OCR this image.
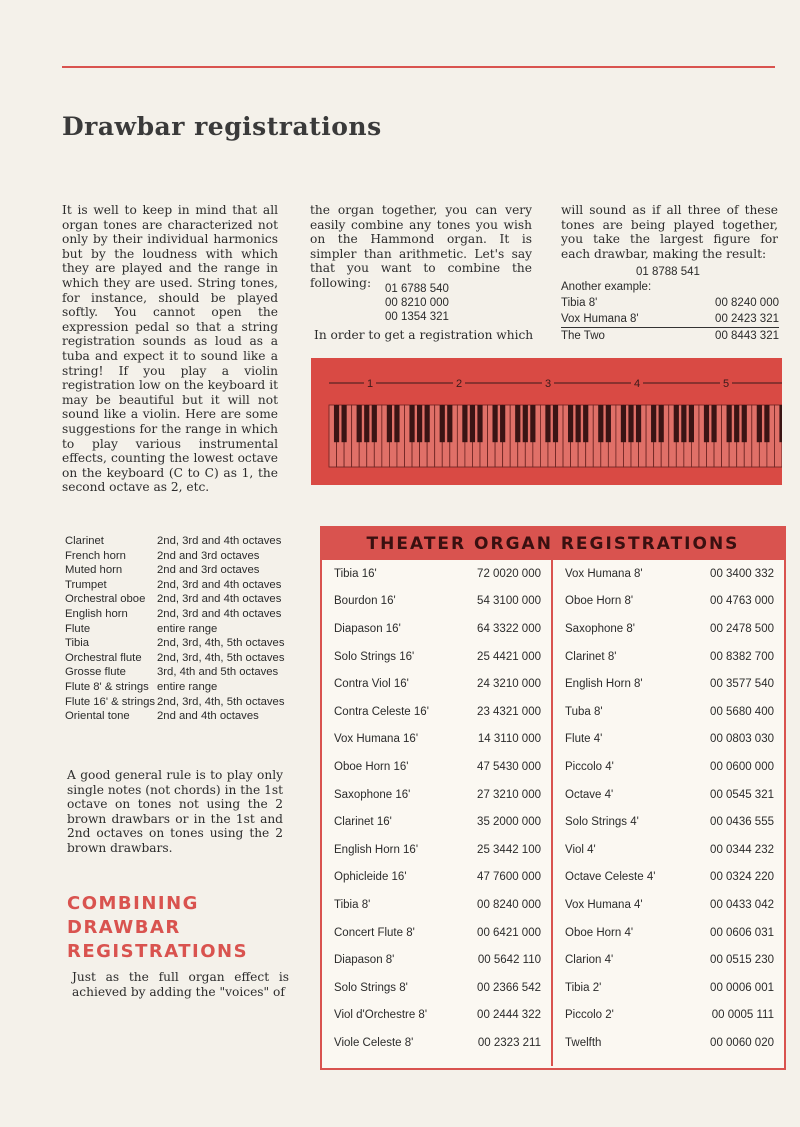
Drawbar registrations
It is well to keep in mind that all organ tones are characterized not only by their individual harmonics but by the loudness with which they are played and the range in which they are used. String tones, for instance, should be played softly. You cannot open the expression pedal so that a string registration sounds as loud as a tuba and expect it to sound like a string! If you play a violin registration low on the keyboard it may be beautiful but it will not sound like a violin. Here are some suggestions for the range in which to play various instrumental effects, counting the lowest octave on the keyboard (C to C) as 1, the second octave as 2, etc.
the organ together, you can very easily combine any tones you wish on the Hammond organ. It is simpler than arithmetic. Let's say that you want to combine the following:	01 6788 540
00 8210 000
00 1354 321
In order to get a registration which
will sound as if all three of these tones are being played together, you take the largest figure for each drawbar, making the result:
01 8788 541
Another example:
Tibia 8'	00 8240 000
Vox Humana 8'	00 2423 321
The Two	00 8443 321
1	2	3	4	5
Clarinet	2nd, 3rd and 4th octaves
French horn	2nd and 3rd octaves
Muted horn	2nd and 3rd octaves
Trumpet	2nd, 3rd and 4th octaves
Orchestral oboe	2nd, 3rd and 4th octaves
English horn	2nd, 3rd and 4th octaves
Flute	entire range
Tibia	2nd, 3rd, 4th, 5th octaves
Orchestral flute	2nd, 3rd, 4th, 5th octaves
Grosse flute	3rd, 4th and 5th octaves
Flute 8' & strings entire range
Flute 16' & strings 2nd, 3rd, 4th, 5th octaves
Oriental tone	2nd and 4th octaves
A good general rule is to play only single notes (not chords) in the 1st octave on tones not using the 2 brown drawbars or in the 1st and 2nd octaves on tones using the 2 brown drawbars.
COMBINING
DRAWBAR
REGISTRATIONS
Just as the full organ effect is achieved by adding the "voices" of
THEATER ORGAN REGISTRATIONS
Tibia 16'	72 0020 000
Bourdon 16'	54 3100 000
Diapason 16'	64 3322 000
Solo Strings 16'	25 4421 000
Contra Viol 16'	24 3210 000
Contra Celeste 16'	23 4321 000
Vox Humana 16'	14 3110 000
Oboe Horn 16'	47 5430 000
Saxophone 16'	27 3210 000
Clarinet 16'	35 2000 000
English Horn 16'	25 3442 100
Ophicleide 16'	47 7600 000
Tibia 8'	00 8240 000
Concert Flute 8'	00 6421 000
Diapason 8'	00 5642 110
Solo Strings 8'	00 2366 542
Viol d'Orchestre 8'	00 2444 322
Viole Celeste 8'	00 2323 211
Vox Humana 8'	00 3400 332
Oboe Horn 8'	00 4763 000
Saxophone 8'	00 2478 500
Clarinet 8'	00 8382 700
English Horn 8'	00 3577 540
Tuba 8'	00 5680 400
Flute 4'	00 0803 030
Piccolo 4'	00 0600 000
Octave 4'	00 0545 321
Solo Strings 4'	00 0436 555
Viol 4'	00 0344 232
Octave Celeste 4'	00 0324 220
Vox Humana 4'	00 0433 042
Oboe Horn 4'	00 0606 031
Clarion 4'	00 0515 230
Tibia 2'	00 0006 001
Piccolo 2'	00 0005 111
Twelfth	00 0060 020
